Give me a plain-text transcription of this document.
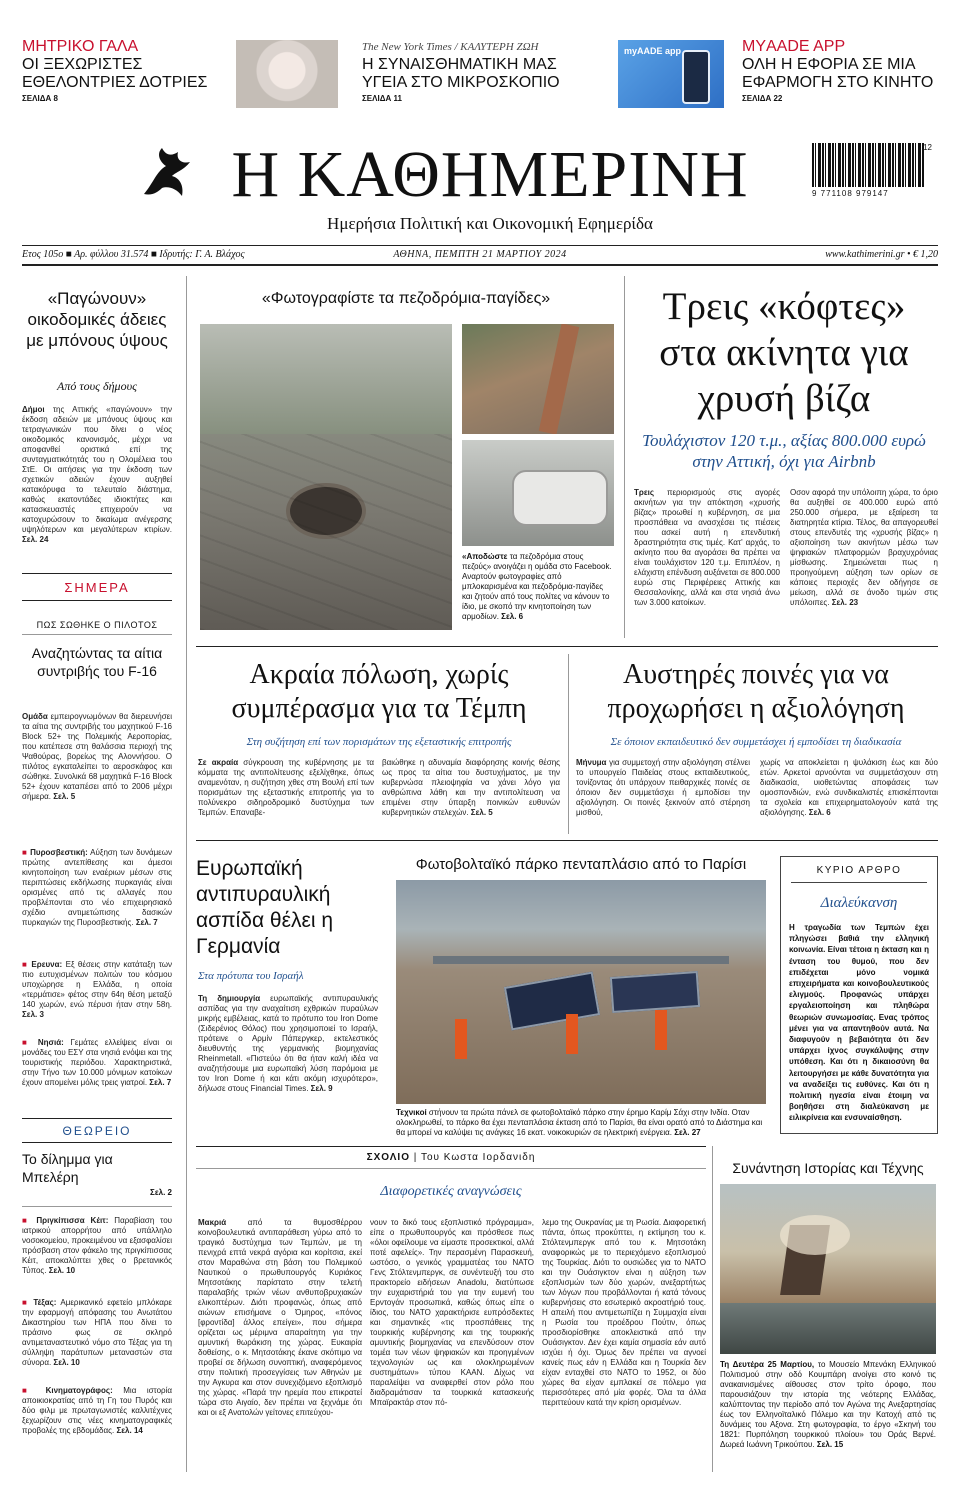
ΜΗΤΡΙΚΟ ΓΑΛΑ
ΟΙ ΞΕΧΩΡΙΣΤΕΣ
ΕΘΕΛΟΝΤΡΙΕΣ ΔΟΤΡΙΕΣ
ΣΕΛΙΔΑ 8
The New York Times / ΚΑΛΥΤΕΡΗ ΖΩΗ
Η ΣΥΝΑΙΣΘΗΜΑΤΙΚΗ ΜΑΣ
ΥΓΕΙΑ ΣΤΟ ΜΙΚΡΟΣΚΟΠΙΟ
ΣΕΛΙΔΑ 11
myAADE app	ΜΥAADE APP
ΟΛΗ Η ΕΦΟΡΙΑ ΣΕ ΜΙΑ
ΕΦΑΡΜΟΓΗ ΣΤΟ ΚΙΝΗΤΟ
ΣΕΛΙΔΑ 22
Η ΚΑΘΗΜΕΡΙΝΗ
Ημερήσια Πολιτική και Οικονομική Εφημερίδα
9 771108 979147
12
Ετος 105ο ■ Αρ. φύλλου 31.574 ■ Ιδρυτής: Γ. Α. Βλάχος	ΑΘΗΝΑ, ΠΕΜΠΤΗ 21 ΜΑΡΤΙΟΥ 2024	www.kathimerini.gr • € 1,20
«Παγώνουν» οικοδομικές άδειες με μπόνους ύψους
Από τους δήμους
Δήμοι της Αττικής «παγώνουν» την έκδοση αδειών με μπόνους ύψους και τετραγωνικών που δίνει ο νέος οικοδομικός κανονισμός, μέχρι να αποφανθεί οριστικά επί της συνταγματικότητάς του η Ολομέλεια του ΣτΕ. Οι αιτήσεις για την έκδοση των σχετικών αδειών έχουν αυξηθεί κατακόρυφα το τελευταίο διάστημα, καθώς εκατοντάδες ιδιοκτήτες και κατασκευαστές επιχειρούν να κατοχυρώσουν το δικαίωμα ανέγερσης υψηλότερων και μεγαλύτερων κτιρίων. Σελ. 24
ΣΗΜΕΡΑ
ΠΩΣ ΣΩΘΗΚΕ Ο ΠΙΛΟΤΟΣ
Αναζητώντας τα αίτια συντριβής του F-16
Ομάδα εμπειρογνωμόνων θα διερευνήσει τα αίτια της συντριβής του μαχητικού F-16 Block 52+ της Πολεμικής Αεροπορίας, που κατέπεσε στη θαλάσσια περιοχή της Ψαθούρας, βορείως της Αλοννήσου. Ο πιλότος εγκαταλείπει το αεροσκάφος και σώθηκε. Συνολικά 68 μαχητικά F-16 Block 52+ έχουν καταπέσει από το 2006 μέχρι σήμερα. Σελ. 5
■ Πυροσβεστική: Αύξηση των δυνάμεων πρώτης αντεπίθεσης και άμεσοι κινητοποίηση των εναέριων μέσων στις περιπτώσεις εκδήλωσης πυρκαγιάς είναι ορισμένες από τις αλλαγές που προβλέπονται στο νέο επιχειρησιακό σχέδιο αντιμετώπισης δασικών πυρκαγιών της Πυροσβεστικής. Σελ. 7
■ Ερευνα: Εξ θέσεις στην κατάταξη των πιο ευτυχισμένων πολιτών του κόσμου υποχώρησε η Ελλάδα, η οποία «τερμάτισε» φέτος στην 64η θέση μεταξύ 140 χωρών, ενώ πέρυσι ήταν στην 58η. Σελ. 3
■ Νησιά: Γεμάτες ελλείψεις είναι οι μονάδες του ΕΣΥ στα νησιά ενόψει και της τουριστικής περιόδου. Χαρακτηριστικά, στην Τήνο των 10.000 μόνιμων κατοίκων έχουν απομείνει μόλις τρεις γιατροί. Σελ. 7
ΘΕΩΡΕΙΟ
Το δίλημμα για Μπελέρη
Σελ. 2
■ Πριγκίπισσα Κέιτ: Παραβίαση του ιατρικού απορρήτου από υπάλληλο νοσοκομείου, προκειμένου να εξασφαλίσει πρόσβαση στον φάκελο της πριγκίπισσας Κέιτ, αποκαλύπτει χθες ο βρετανικός Τύπος. Σελ. 10
■ Τέξας: Αμερικανικό εφετείο μπλόκαρε την εφαρμογή απόφασης του Ανωτάτου Δικαστηρίου των ΗΠΑ που δίνει το πράσινο φως σε σκληρό αντιμεταναστευτικό νόμο στο Τέξας για τη σύλληψη παράτυπων μεταναστών στα σύνορα. Σελ. 10
■ Κινηματογράφος: Μια ιστορία αποικιοκρατίας από τη Γη του Πυρός και δύο φιλμ με πρωταγωνιστές καλλιτέχνες ξεχωρίζουν στις νέες κινηματογραφικές προβολές της εβδομάδας. Σελ. 14
«Φωτογραφίστε τα πεζοδρόμια-παγίδες»
«Αποδώστε τα πεζοδρόμια στους πεζούς» ανοιγάζει η ομάδα στο Facebook. Αναρτούν φωτογραφίες από μπλοκαρισμένα και πεζοδρόμια-παγίδες και ζητούν από τους πολίτες να κάνουν το ίδιο, με σκοπό την κινητοποίηση των αρμοδίων. Σελ. 6
Τρεις «κόφτες» στα ακίνητα για χρυσή βίζα
Τουλάχιστον 120 τ.μ., αξίας 800.000 ευρώ στην Αττική, όχι για Airbnb
Τρεις περιορισμούς στις αγορές ακινήτων για την απόκτηση «χρυσής βίζας» προωθεί η κυβέρνηση, σε μια προσπάθεια να ανασχέσει τις πιέσεις που ασκεί αυτή η επενδυτική δραστηριότητα στις τιμές. Κατ' αρχάς, το ακίνητο που θα αγοράσει θα πρέπει να είναι τουλάχιστον 120 τ.μ. Επιπλέον, η ελάχιστη επένδυση αυξάνεται σε 800.000 ευρώ στις Περιφέρειες Αττικής και Θεσσαλονίκης, αλλά και στα νησιά άνω των 3.000 κατοίκων.
Οσον αφορά την υπόλοιπη χώρα, το όριο θα αυξηθεί σε 400.000 ευρώ από 250.000 σήμερα, με εξαίρεση τα διατηρητέα κτίρια. Τέλος, θα απαγορευθεί στους επενδυτές της «χρυσής βίζας» η αξιοποίηση των ακινήτων μέσω των ψηφιακών πλατφορμών βραχυχρόνιας μίσθωσης. Σημειώνεται πως η προηγούμενη αύξηση των ορίων σε κάποιες περιοχές δεν οδήγησε σε μείωση, αλλά σε άνοδο τιμών στις υπόλοιπες. Σελ. 23
Ακραία πόλωση, χωρίς συμπέρασμα για τα Τέμπη
Στη συζήτηση επί των πορισμάτων της εξεταστικής επιτροπής
Σε ακραία σύγκρουση της κυβέρνησης με τα κόμματα της αντιπολίτευσης εξελίχθηκε, όπως αναμενόταν, η συζήτηση χθες στη Βουλή επί των πορισμάτων της εξεταστικής επιτροπής για το πολύνεκρο σιδηροδρομικό δυστύχημα των Τεμπών. Επαναβε-
βαιώθηκε η αδυναμία διαφόρησης κοινής θέσης ως προς τα αίτια του δυστυχήματος, με την κυβερνώσα πλειοψηφία να χάνει λόγο για ανθρώπινα λάθη και την αντιπολίτευση να επιμένει στην ύπαρξη ποινικών ευθυνών κυβερνητικών στελεχών. Σελ. 5
Αυστηρές ποινές για να προχωρήσει η αξιολόγηση
Σε όποιον εκπαιδευτικό δεν συμμετάσχει ή εμποδίσει τη διαδικασία
Μήνυμα για συμμετοχή στην αξιολόγηση στέλνει το υπουργείο Παιδείας στους εκπαιδευτικούς, τονίζοντας ότι υπάρχουν πειθαρχικές ποινές σε όποιον δεν συμμετάσχει ή εμποδίσει την αξιολόγηση. Οι ποινές ξεκινούν από στέρηση μισθού,
χωρίς να αποκλείεται η ψυλάκιση έως και δύο ετών. Αρκετοί αρνούνται να συμμετάσχουν στη διαδικασία, υιοθετώντας αποφάσεις των ομοσπονδιών, ενώ συνδικαλιστές επισκέπτονται τα σχολεία και επιχειρηματολογούν κατά της αξιολόγησης. Σελ. 6
Ευρωπαϊκή αντιπυραυλική ασπίδα θέλει η Γερμανία
Στα πρότυπα του Ισραήλ
Τη δημιουργία ευρωπαϊκής αντιπυραυλικής ασπίδας για την αναχαίτιση εχθρικών πυραύλων μικρής εμβέλειας, κατά το πρότυπο του Iron Dome (Σιδερένιος Θόλος) που χρησιμοποιεί το Ισραήλ, πρότεινε ο Αρμίν Πάπεργκερ, εκτελεστικός διευθυντής της γερμανικής βιομηχανίας Rheinmetall. «Πιστεύω ότι θα ήταν καλή ιδέα να αναζητήσουμε μια ευρωπαϊκή λύση παρόμοια με τον Iron Dome ή και κάτι ακόμη ισχυρότερο», δήλωσε στους Financial Times. Σελ. 9
Φωτοβολταϊκό πάρκο πενταπλάσιο από το Παρίσι
Τεχνικοί στήνουν τα πρώτα πάνελ σε φωτοβολταϊκό πάρκο στην έρημο Καρίμ Σάχι στην Ινδία. Οταν ολοκληρωθεί, το πάρκο θα έχει πενταπλάσια έκταση από το Παρίσι, θα είναι ορατό από το Διάστημα και θα μπορεί να καλύψει τις ανάγκες 16 εκατ. νοικοκυριών σε ηλεκτρική ενέργεια. Σελ. 27
ΚΥΡΙΟ ΑΡΘΡΟ
Διαλεύκανση
Η τραγωδία των Τεμπών έχει πληγώσει βαθιά την ελληνική κοινωνία. Είναι τέτοια η έκταση και η ένταση του θυμού, που δεν επιδέχεται μόνο νομικά επιχειρήματα και κοινοβουλευτικούς ελιγμούς. Προφανώς υπάρχει εργαλειοποίηση και πληθώρα θεωριών συνωμοσίας. Ενας τρόπος μένει για να απαντηθούν αυτά. Να διαφυγούν η βεβαιότητα ότι δεν υπάρχει ίχνος συγκάλυψης στην υπόθεση. Και ότι η δικαιοσύνη θα λειτουργήσει με κάθε δυνατότητα για να αναδείξει τις ευθύνες. Και ότι η πολιτική ηγεσία είναι έτοιμη να βοηθήσει στη διαλεύκανση με ειλικρίνεια και ενσυναίσθηση.
ΣΧΟΛΙΟ | Του Κωστα Ιορδανιδη
Διαφορετικές αναγνώσεις
Μακριά	από τα θυμοσθέρρου κοινοβουλευτικά αντιπαράθεση γύρω από το τραγικό δυστύχημα των Τεμπών, με τη πενιχρά επτά νεκρά αγόρια και κορίτσια, εκεί στον Μαραθώνα στη βάση του Πολεμικού Ναυτικού ο πρωθυπουργός Κυριάκος Μητσοτάκης παρίστατο στην τελετή παραλαβής τριών νέων ανθυποβρυχιακών ελικοπτέρων. Διότι προφανώς, όπως από αιώνων επισήμανε ο Όμηρος, «πόνος [φροντίδα] άλλος επείγει», που σήμερα ορίζεται ως μέριμνα απαραίτητη για την αμυντική θωράκιση της χώρας. Ευκαιρία δοθείσης, ο κ. Μητσοτάκης έκανε σκόπιμο να προβεί σε δήλωση συνοπτική, αναφερόμενος στην πολιτική προσεγγίσεις των Αθηνών με την Αγκυρα και στον συνεχιζόμενο εξοπλισμό της χώρας. «Παρά την ηρεμία που επικρατεί τώρα στο Αιγαίο, δεν πρέπει να ξεχνάμε ότι και οι εξ Ανατολών γείτονες επιτεύχου-
νουν το δικό τους εξοπλιστικό πρόγραμμα», είπε ο πρωθυπουργός και πρόσθεσε πως «όλοι οφείλουμε να είμαστε προσεκτικοί, αλλά ποτέ αφελείς». Την περασμένη Παρασκευή, ωστόσο, ο γενικός γραμματέας του ΝΑΤΟ Γενς Στόλτενμπεργκ, σε συνέντευξή του στο πρακτορείο ειδήσεων Anadolu, διατύπωσε την ευχαριστήριά του για την ευμενή του Ερντογάν προσωπικά, καθώς όπως είπε ο ίδιος, του ΝΑΤΟ χαρακτήρισε ευπρόσδεκτες και σημαντικές «τις προσπάθειες της τουρκικής κυβέρνησης και της τουρκικής αμυντικής βιομηχανίας να επενδύσουν στον τομέα των νέων ψηφιακών και προηγμένων τεχνολογιών ως και ολοκληρωμένων συστημάτων» τύπου ΚΑΑΝ. Δίχως να παραλείψει να αναφερθεί στον ρόλο που διαδραμάτισαν τα τουρκικά κατασκευής Μπαϊρακτάρ στον πό-
λεμο της Ουκρανίας με τη Ρωσία. Διαφορετική πάντα, όπως προκύπτει, η εκτίμηση του κ. Στόλτενμπεργκ από του κ. Μητσοτάκη αναφορικώς με το περιεχόμενο εξοπλισμού της Τουρκίας. Διότι το ουσιώδες για το ΝΑΤΟ και την Ουάσιγκτον είναι η αύξηση των εξοπλισμών των δύο χωρών, ανεξαρτήτως των λόγων που προβάλλονται ή κατά τόνους κυβερνήσεις στο εσωτερικό ακροατήριό τους. Η απειλή που αντιμετωπίζει η Συμμαχία είναι η Ρωσία του προέδρου Πούτιν, όπως προσδιορίσθηκε αποκλειστικά από την Ουάσιγκτον. Δεν έχει καμία σημασία εάν αυτό ισχύει ή όχι. Όμως δεν πρέπει να αγνοεί κανείς πως εάν η Ελλάδα και η Τουρκία δεν είχαν ενταχθεί στο ΝΑΤΟ το 1952, οι δύο χώρες θα είχαν εμπλακεί σε πόλεμο για περισσότερες από μία φορές. Όλα τα άλλα περιττεύουν κατά την κρίση ορισμένων.
Συνάντηση Ιστορίας και Τέχνης
Τη Δευτέρα 25 Μαρτίου, το Μουσείο Μπενάκη Ελληνικού Πολιτισμού στην οδό Κουμπάρη ανοίγει στο κοινό τις ανακαινισμένες αίθουσες στον τρίτο όροφο, που παρουσιάζουν την ιστορία της νεότερης Ελλάδας, καλύπτοντας την περίοδο από τον Αγώνα της Ανεξαρτησίας έως τον Ελληνοϊταλικό Πόλεμο και την Κατοχή από τις δυνάμεις του Αξονα. Στη φωτογραφία, το έργο «Σκηνή του 1821: Πυρπόληση τουρκικού πλοίου» του Οράς Βερνέ. Δωρεά Ιωάννη Τρικούπου. Σελ. 15
